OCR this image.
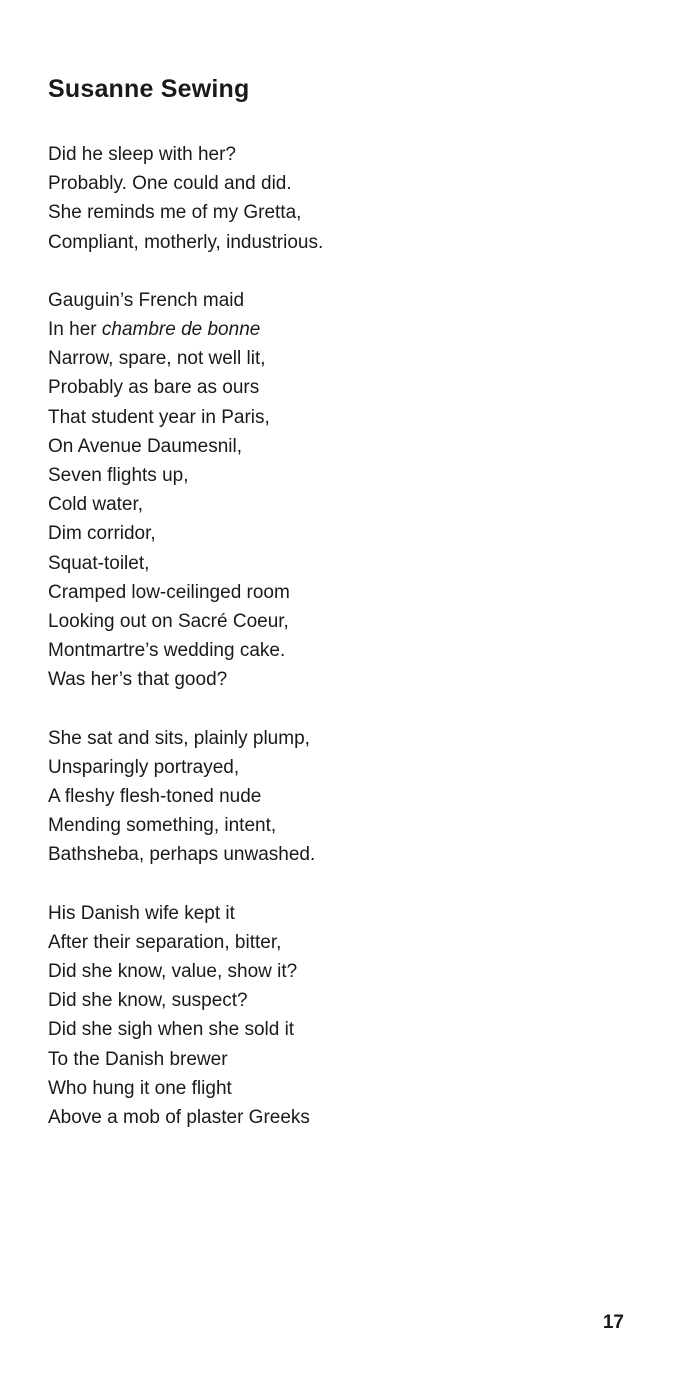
Susanne Sewing
Did he sleep with her?
Probably. One could and did.
She reminds me of my Gretta,
Compliant, motherly, industrious.
Gauguin’s French maid
In her chambre de bonne
Narrow, spare, not well lit,
Probably as bare as ours
That student year in Paris,
On Avenue Daumesnil,
Seven flights up,
Cold water,
Dim corridor,
Squat-toilet,
Cramped low-ceilinged room
Looking out on Sacré Coeur,
Montmartre’s wedding cake.
Was her’s that good?
She sat and sits, plainly plump,
Unsparingly portrayed,
A fleshy flesh-toned nude
Mending something, intent,
Bathsheba, perhaps unwashed.
His Danish wife kept it
After their separation, bitter,
Did she know, value, show it?
Did she know, suspect?
Did she sigh when she sold it
To the Danish brewer
Who hung it one flight
Above a mob of plaster Greeks
17
